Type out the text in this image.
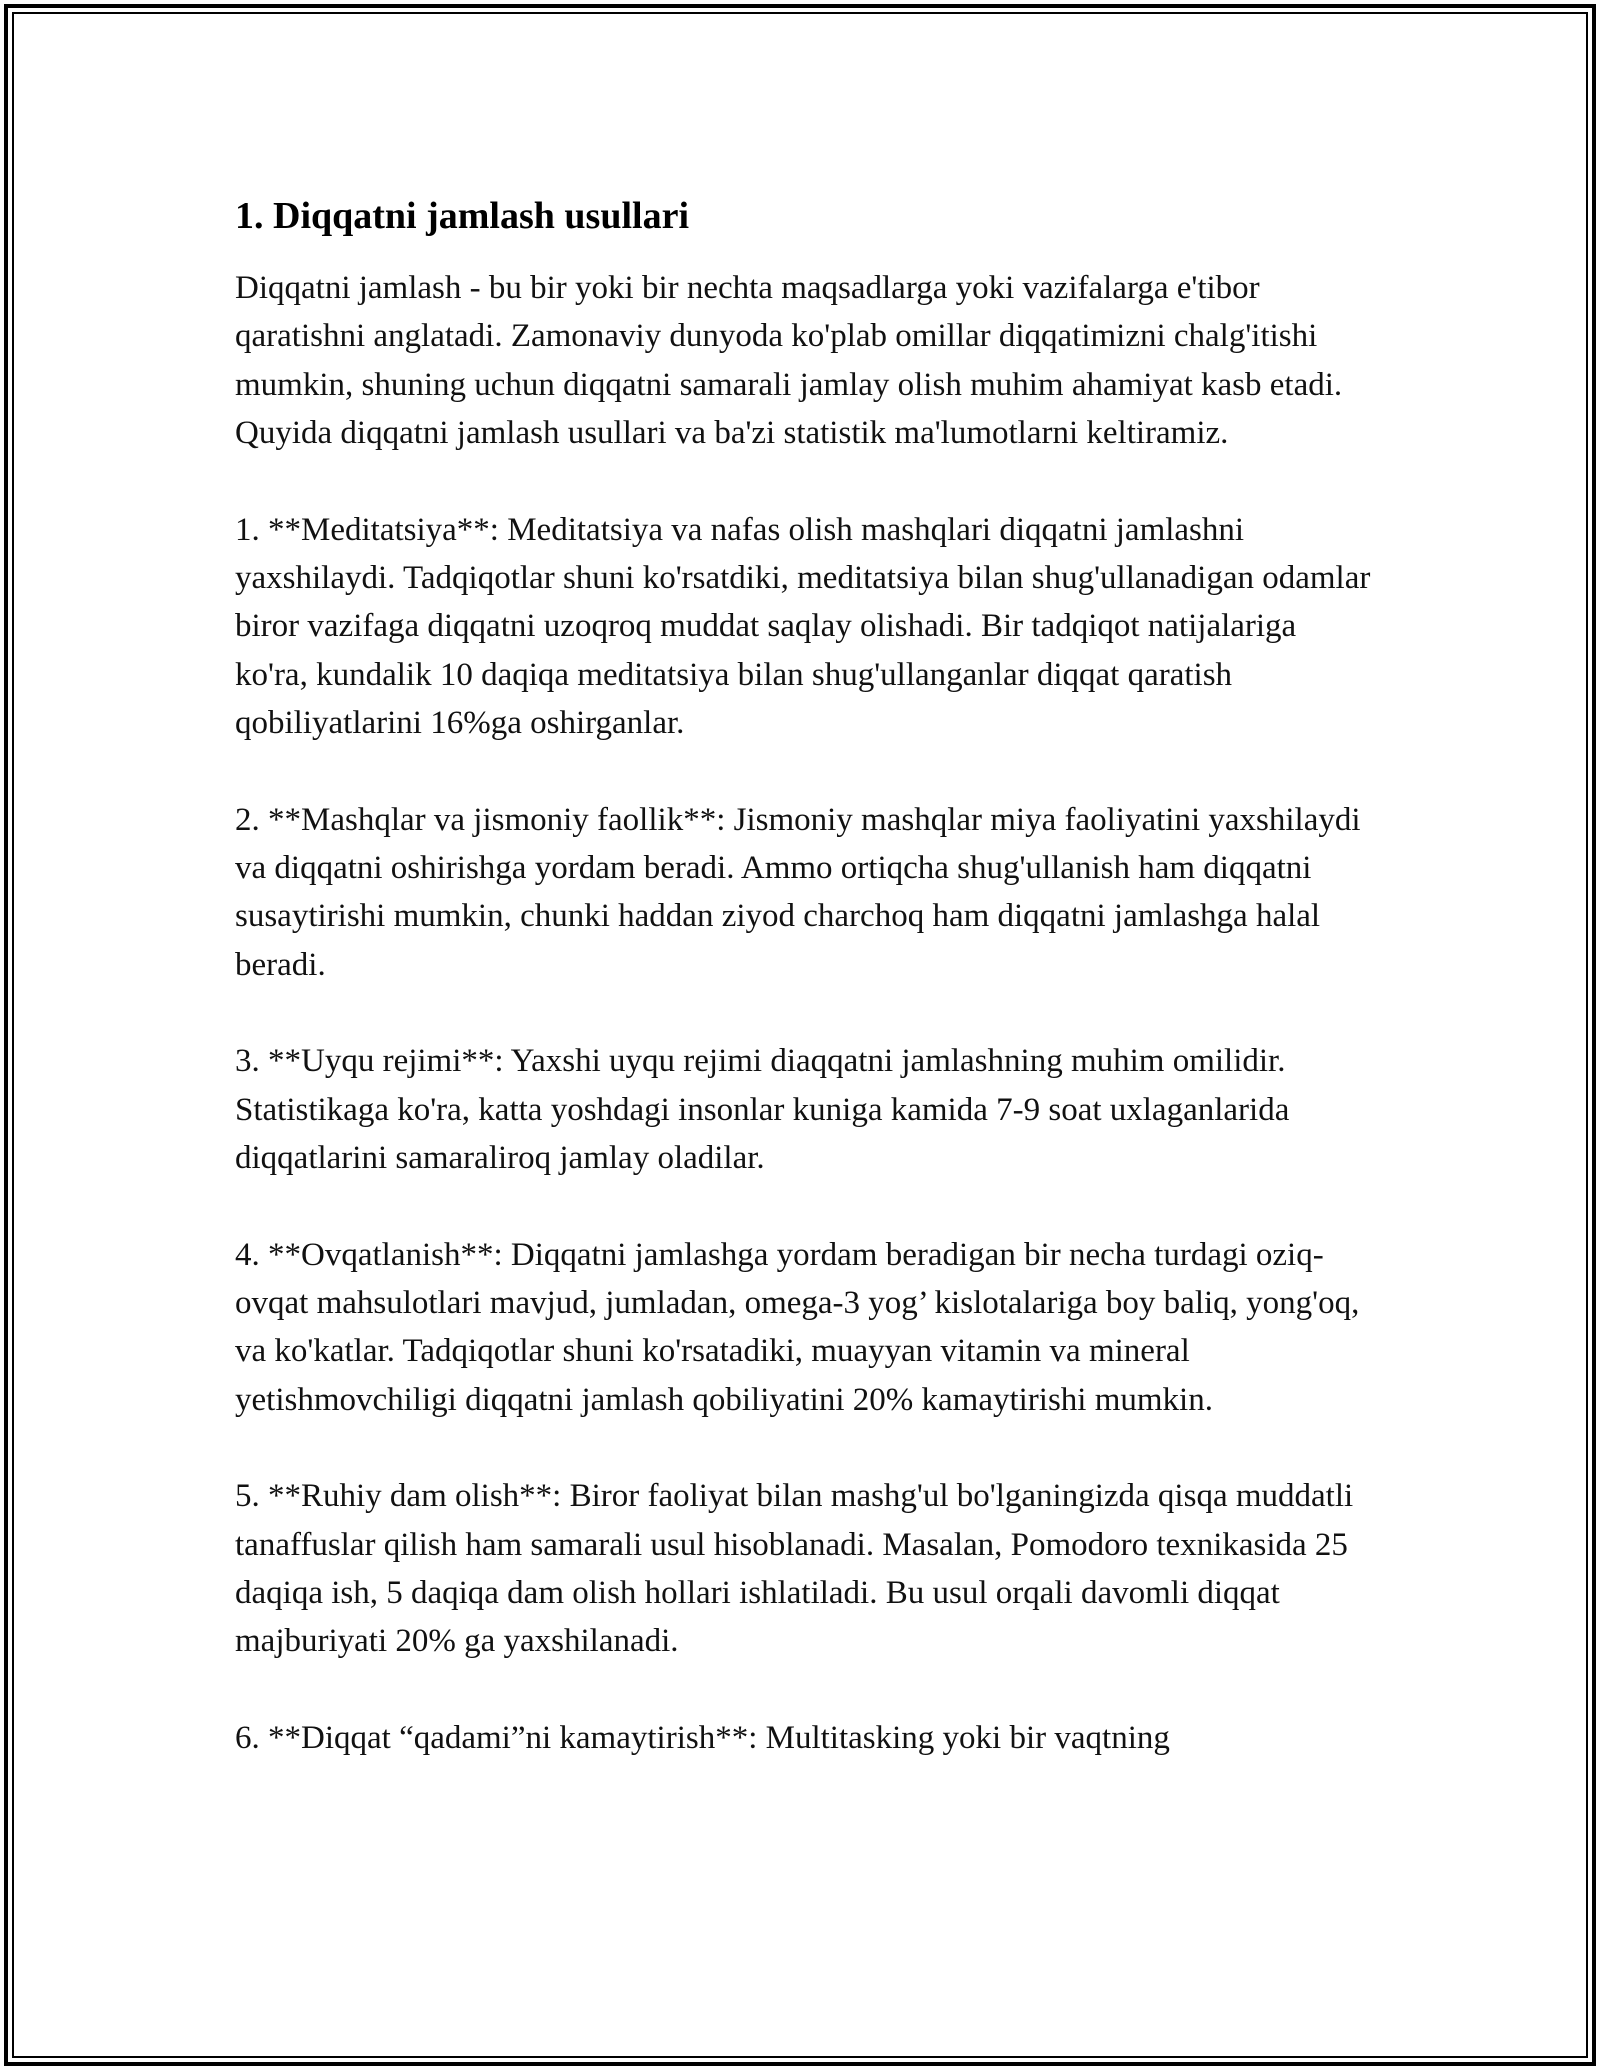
1. Diqqatni jamlash usullari

Diqqatni jamlash - bu bir yoki bir nechta maqsadlarga yoki vazifalarga e'tibor qaratishni anglatadi. Zamonaviy dunyoda ko'plab omillar diqqatimizni chalg'itishi mumkin, shuning uchun diqqatni samarali jamlay olish muhim ahamiyat kasb etadi. Quyida diqqatni jamlash usullari va ba'zi statistik ma'lumotlarni keltiramiz.

1. **Meditatsiya**: Meditatsiya va nafas olish mashqlari diqqatni jamlashni yaxshilaydi. Tadqiqotlar shuni ko'rsatdiki, meditatsiya bilan shug'ullanadigan odamlar biror vazifaga diqqatni uzoqroq muddat saqlay olishadi. Bir tadqiqot natijalariga ko'ra, kundalik 10 daqiqa meditatsiya bilan shug'ullanganlar diqqat qaratish qobiliyatlarini 16%ga oshirganlar.

2. **Mashqlar va jismoniy faollik**: Jismoniy mashqlar miya faoliyatini yaxshilaydi va diqqatni oshirishga yordam beradi. Ammo ortiqcha shug'ullanish ham diqqatni susaytirishi mumkin, chunki haddan ziyod charchoq ham diqqatni jamlashga halal beradi.

3. **Uyqu rejimi**: Yaxshi uyqu rejimi diaqqatni jamlashning muhim omilidir. Statistikaga ko'ra, katta yoshdagi insonlar kuniga kamida 7-9 soat uxlaganlarida diqqatlarini samaraliroq jamlay oladilar.

4. **Ovqatlanish**: Diqqatni jamlashga yordam beradigan bir necha turdagi oziq-ovqat mahsulotlari mavjud, jumladan, omega-3 yog’ kislotalariga boy baliq, yong'oq, va ko'katlar. Tadqiqotlar shuni ko'rsatadiki, muayyan vitamin va mineral yetishmovchiligi diqqatni jamlash qobiliyatini 20% kamaytirishi mumkin.

5. **Ruhiy dam olish**: Biror faoliyat bilan mashg'ul bo'lganingizda qisqa muddatli tanaffuslar qilish ham samarali usul hisoblanadi. Masalan, Pomodoro texnikasida 25 daqiqa ish, 5 daqiqa dam olish hollari ishlatiladi. Bu usul orqali davomli diqqat majburiyati 20% ga yaxshilanadi.

6. **Diqqat “qadami”ni kamaytirish**: Multitasking yoki bir vaqtning
